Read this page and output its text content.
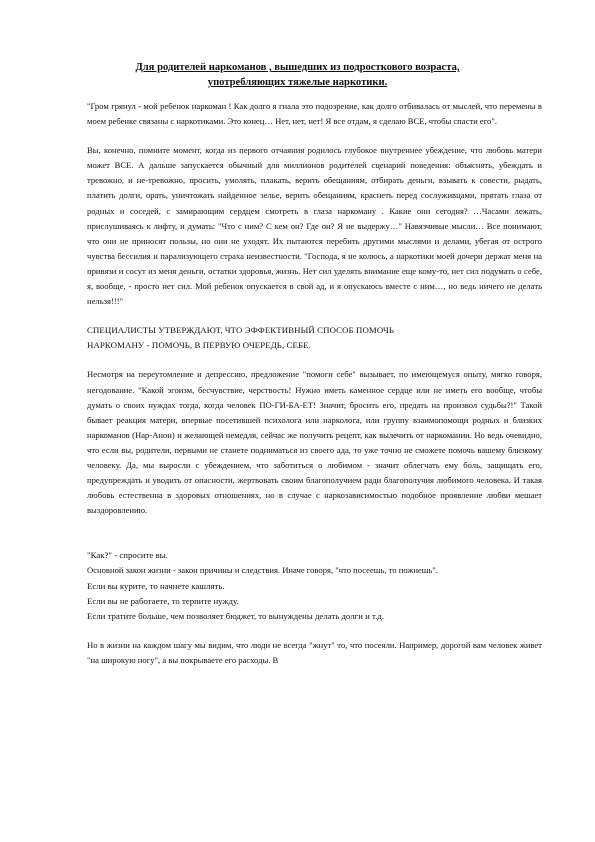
Для родителей наркоманов , вышедших из подросткового возраста,
употребляющих тяжелые наркотики.

"Гром грянул - мой ребенок наркоман ! Как долго я гнала это подозрение, как долго отбивалась от мыслей, что перемены в моем ребенке связаны с наркотиками. Это конец… Нет, нет, нет! Я все отдам, я сделаю ВСЕ, чтобы спасти его".

Вы, конечно, помните момент, когда из первого отчаяния родилось глубокое внутреннее убеждение, что любовь матери может ВСЕ. А дальше запускается обычный для миллионов родителей сценарий поведения: объяснять, убеждать и тревожно, и не-тревожно, просить, умолять, плакать, верить обещаниям, отбирать деньги, взывать к совести, рыдать, платить долги, орать, уничтожать найденное зелье, верить обещаниям, краснеть перед сослуживцами, прятать глаза от родных и соседей, с замирающим сердцем смотреть в глаза наркоману . Какие они сегодня? …Часами лежать, прислушиваясь к лифту, и думать: "Что с ним? С кем он? Где он? Я не выдержу…" Навязчивые мысли… Все понимают, что они не приносят пользы, но они не уходят. Их пытаются перебить другими мыслями и делами, убегая от острого чувства бессилия и парализующего страха неизвестности. "Господа, я не колюсь, а наркотики моей дочери держат меня на привязи и сосут из меня деньги, остатки здоровья, жизнь. Нет сил уделять внимание еще кому-то, нет сил подумать о себе, я, вообще, - просто нет сил. Мой ребенок опускается в свой ад, и я опускаюсь вместе с ним…, но ведь ничего не делать нельзя!!!"

СПЕЦИАЛИСТЫ УТВЕРЖДАЮТ, ЧТО ЭФФЕКТИВНЫЙ СПОСОБ ПОМОЧЬ
НАРКОМАНУ - ПОМОЧЬ, В ПЕРВУЮ ОЧЕРЕДЬ, СЕБЕ.

Несмотря на переутомление и депрессию, предложение "помоги себе" вызывает, по имеющемуся опыту, мягко говоря, негодование. "Какой эгоизм, бесчувствие, черствость! Нужно иметь каменное сердце или не иметь его вообще, чтобы думать о своих нуждах тогда, когда человек ПО-ГИ-БА-ЕТ! Значит, бросить его, предать на произвол судьбы?!" Такой бывает реакция матери, впервые посетившей психолога или нарколога, или группу взаимопомощи родных и близких наркоманов (Нар-Анон) и желающей немедля, сейчас же получить рецепт, как вылечить от наркомании. Но ведь очевидно, что если вы, родители, первыми не станете подниматься из своего ада, то уже точно не сможете помочь вашему близкому человеку. Да, мы выросли с убеждением, что заботиться о любимом - значит облегчать ему боль, защищать его, предупреждать и уводить от опасности, жертвовать своим благополучием ради благополучия любимого человека. И такая любовь естественна в здоровых отношениях, но в случае с наркозависимостью подобное проявление любви мешает выздоровлению.

"Как?" - спросите вы.

Основной закон жизни - закон причины и следствия. Иначе говоря, "что посеешь, то пожнешь".

Если вы курите, то начнете кашлять.

Если вы не работаете, то терпите нужду.

Если тратите больше, чем позволяет бюджет, то вынуждены делать долги и т.д.

Но в жизни на каждом шагу мы видим, что люди не всегда "жнут" то, что посеяли. Например, дорогой вам человек живет "на широкую ногу", а вы покрываете его расходы. В
